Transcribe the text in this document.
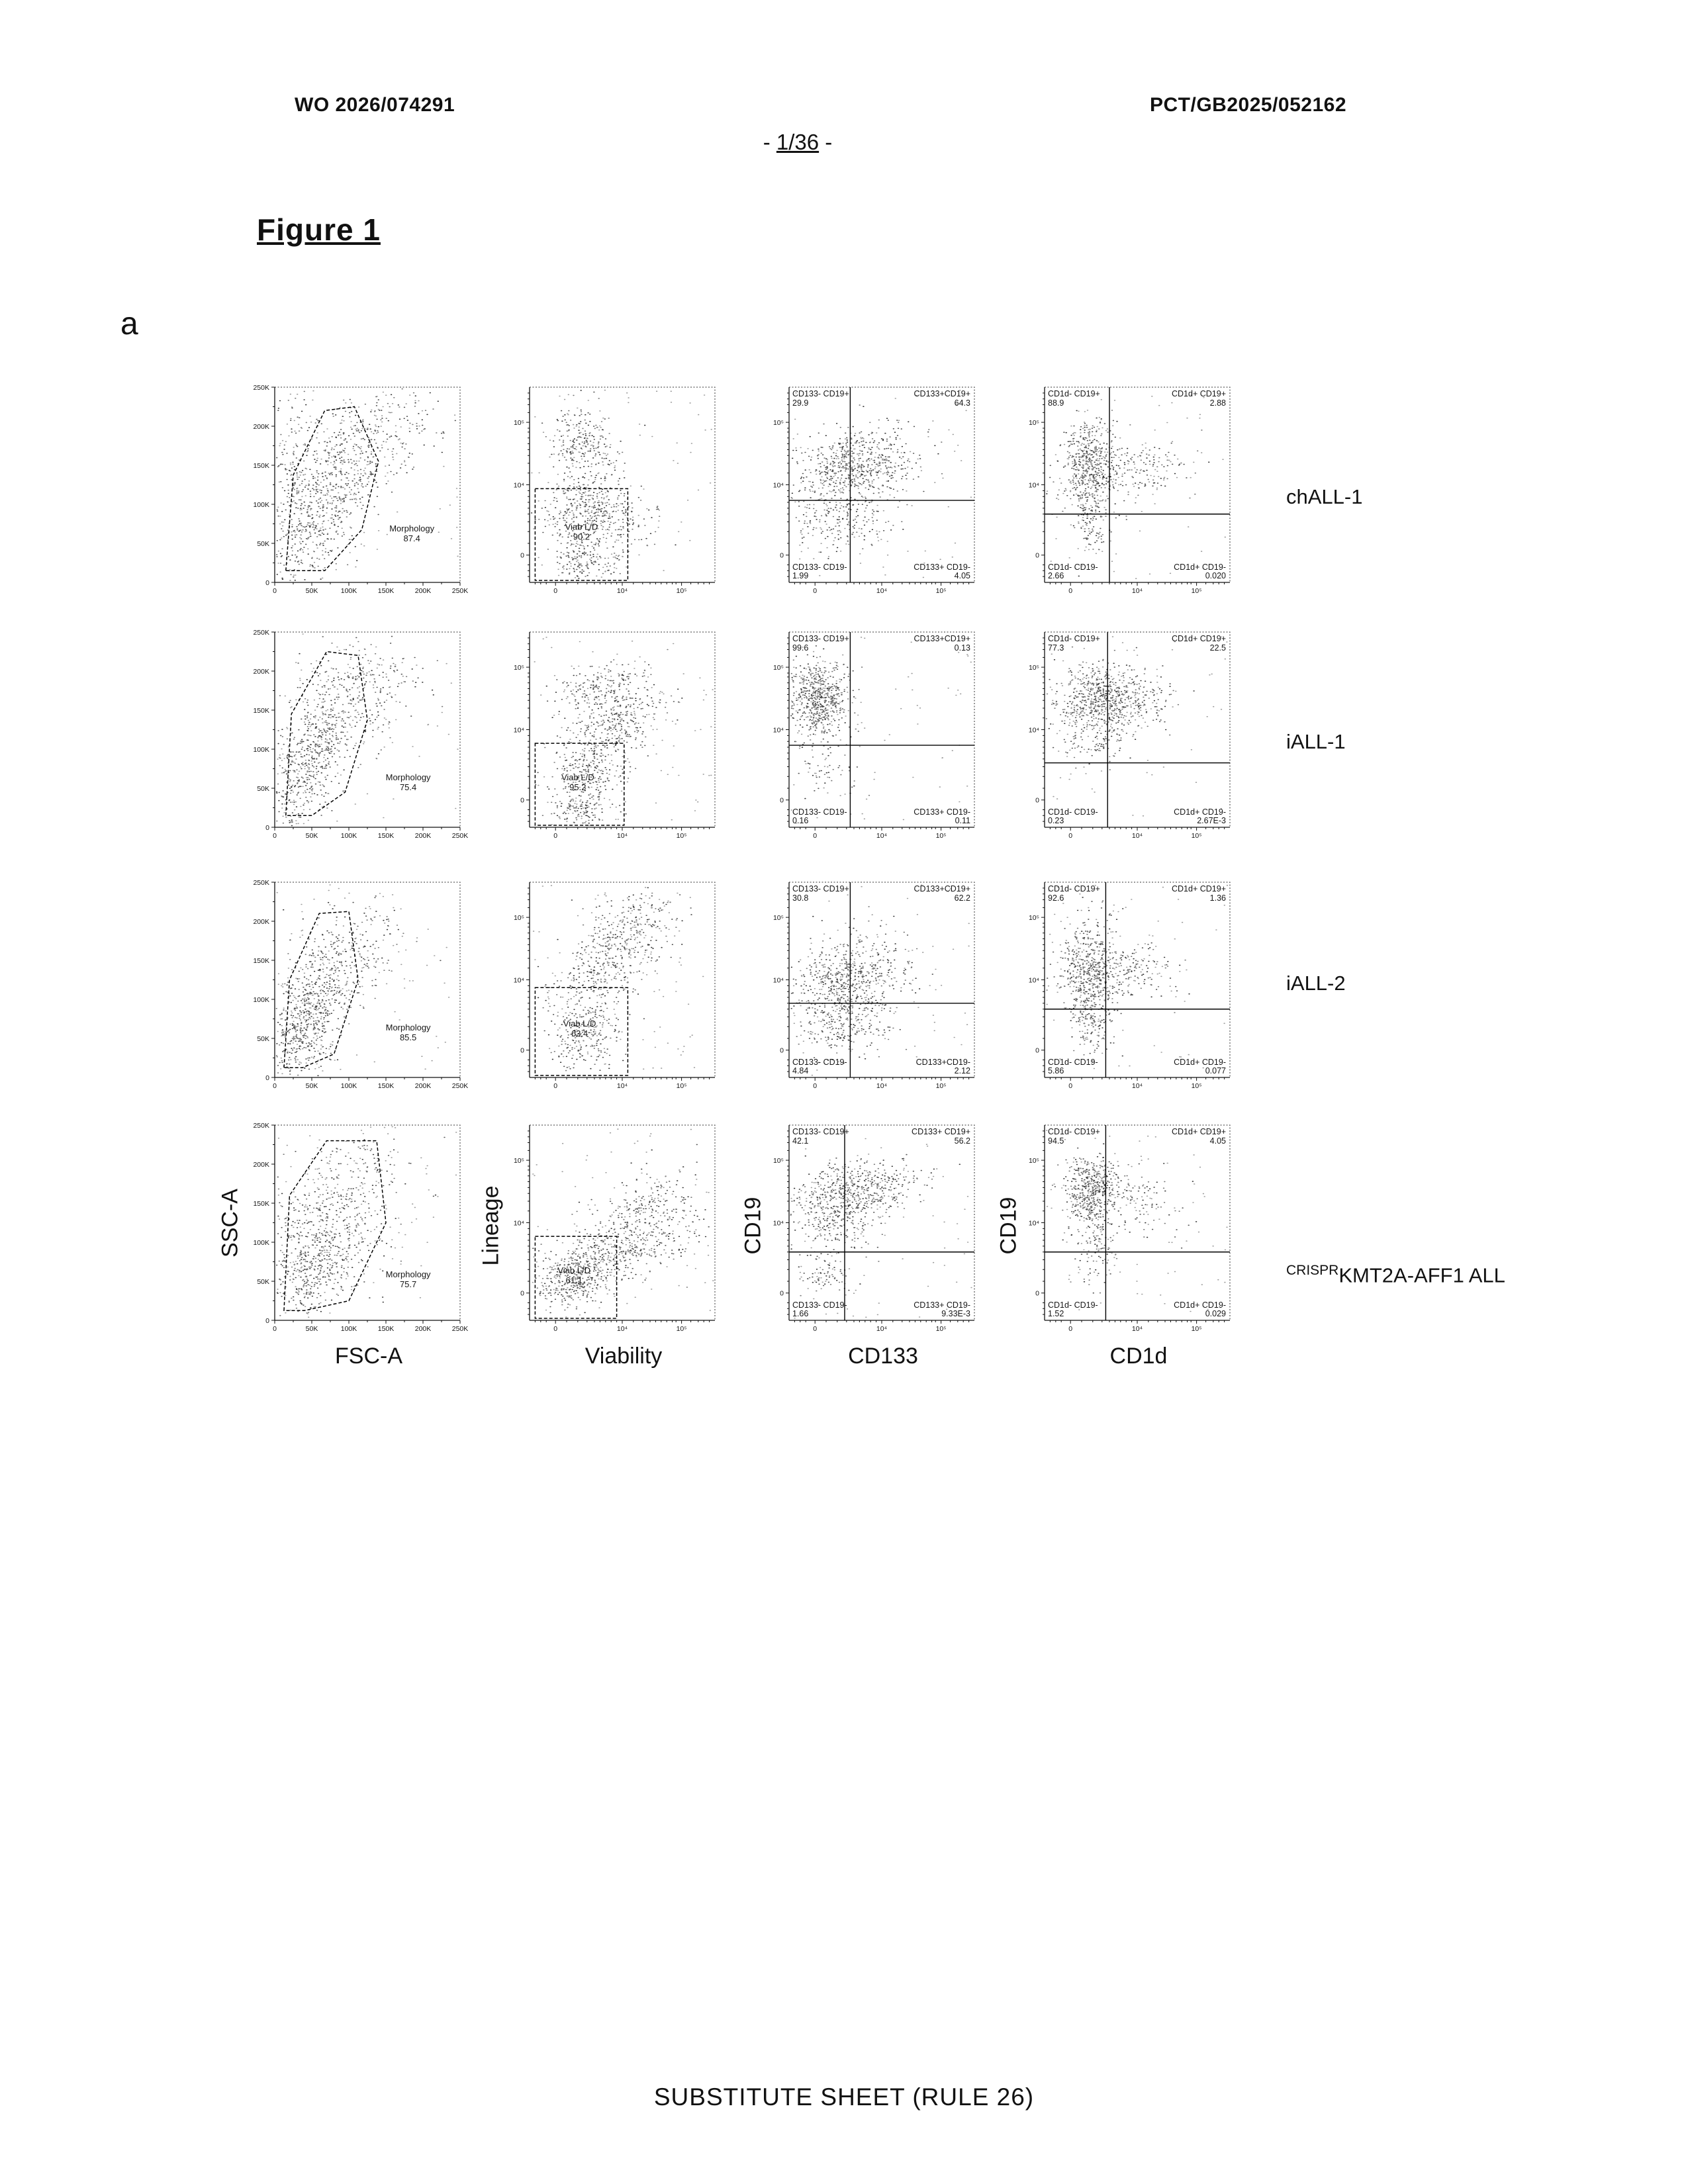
WO 2026/074291	PCT/GB2025/052162
- 1/36 -
Figure 1
a
0	50K	100K	150K	200K	250K
0
50K
100K
150K
200K
250K
Morphology
87.4
0	10⁴	10⁵
0
10⁴
10⁵
Viab L/D
90.2
0	10⁴	10⁵
0
10⁴
10⁵
CD133- CD19+
29.9
CD133+CD19+
64.3
CD133- CD19-
1.99
CD133+ CD19-
4.05
0	10⁴	10⁵
0
10⁴
10⁵
CD1d- CD19+
88.9
CD1d+ CD19+
2.88
CD1d- CD19-
2.66
CD1d+ CD19-
0.020
0	50K	100K	150K	200K	250K
0
50K
100K
150K
200K
250K
Morphology
75.4
0	10⁴	10⁵
0
10⁴
10⁵
Viab L/D
95.2
0	10⁴	10⁵
0
10⁴
10⁵
CD133- CD19+
99.6
CD133+CD19+
0.13
CD133- CD19-
0.16
CD133+ CD19-
0.11
0	10⁴	10⁵
0
10⁴
10⁵
CD1d- CD19+
77.3
CD1d+ CD19+
22.5
CD1d- CD19-
0.23
CD1d+ CD19-
2.67E-3
0	50K	100K	150K	200K	250K
0
50K
100K
150K
200K
250K
Morphology
85.5
0	10⁴	10⁵
0
10⁴
10⁵
Viab L/D
63.4
0	10⁴	10⁵
0
10⁴
10⁵
CD133- CD19+
30.8
CD133+CD19+
62.2
CD133- CD19-
4.84
CD133+CD19-
2.12
0	10⁴	10⁵
0
10⁴
10⁵
CD1d- CD19+
92.6
CD1d+ CD19+
1.36
CD1d- CD19-
5.86
CD1d+ CD19-
0.077
0	50K	100K	150K	200K	250K
0
50K
100K
150K
200K
250K
Morphology
75.7
0	10⁴	10⁵
0
10⁴
10⁵
Viab L/D
61.1
0	10⁴	10⁵
0
10⁴
10⁵
CD133- CD19+
42.1
CD133+ CD19+
56.2
CD133- CD19-
1.66
CD133+ CD19-
9.33E-3
0	10⁴	10⁵
0
10⁴
10⁵
CD1d- CD19+
94.5
CD1d+ CD19+
4.05
CD1d- CD19-
1.52
CD1d+ CD19-
0.029
chALL-1
iALL-1
iALL-2
$^{CRISPR}$KMT2A-AFF1 ALL
SSC-A	Lineage	CD19	CD19
FSC-A	Viability	CD133	CD1d
SUBSTITUTE SHEET (RULE 26)
